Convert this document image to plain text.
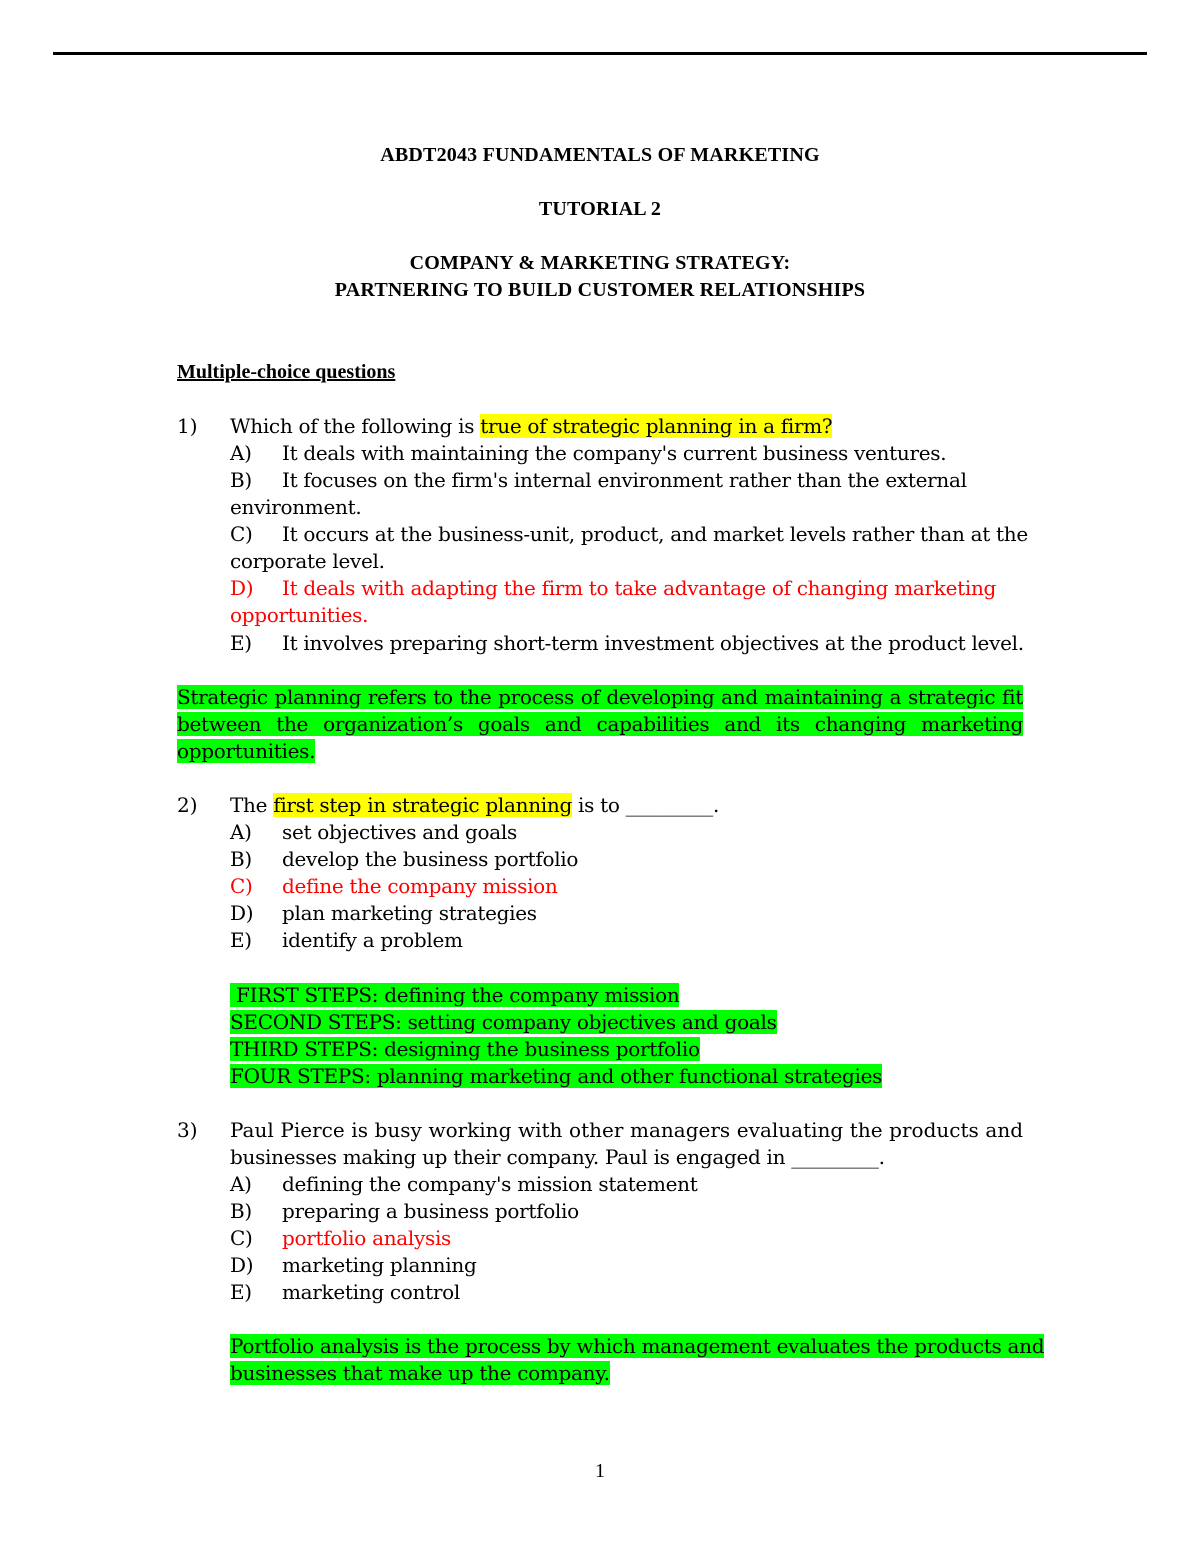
ABDT2043 FUNDAMENTALS OF MARKETING
TUTORIAL 2
COMPANY & MARKETING STRATEGY:
PARTNERING TO BUILD CUSTOMER RELATIONSHIPS
Multiple-choice questions
1) Which of the following is true of strategic planning in a firm?
A) It deals with maintaining the company's current business ventures.
B) It focuses on the firm's internal environment rather than the external
environment.
C) It occurs at the business-unit, product, and market levels rather than at the
corporate level.
D) It deals with adapting the firm to take advantage of changing marketing
opportunities.
E) It involves preparing short-term investment objectives at the product level.
Strategic planning refers to the process of developing and maintaining a strategic fit between the organization’s goals and capabilities and its changing marketing opportunities.
2) The first step in strategic planning is to _________.
A) set objectives and goals
B) develop the business portfolio
C) define the company mission
D) plan marketing strategies
E) identify a problem
FIRST STEPS: defining the company mission
SECOND STEPS: setting company objectives and goals
THIRD STEPS: designing the business portfolio
FOUR STEPS: planning marketing and other functional strategies
3) Paul Pierce is busy working with other managers evaluating the products and
businesses making up their company. Paul is engaged in _________.
A) defining the company's mission statement
B) preparing a business portfolio
C) portfolio analysis
D) marketing planning
E) marketing control
Portfolio analysis is the process by which management evaluates the products and
businesses that make up the company.
1
